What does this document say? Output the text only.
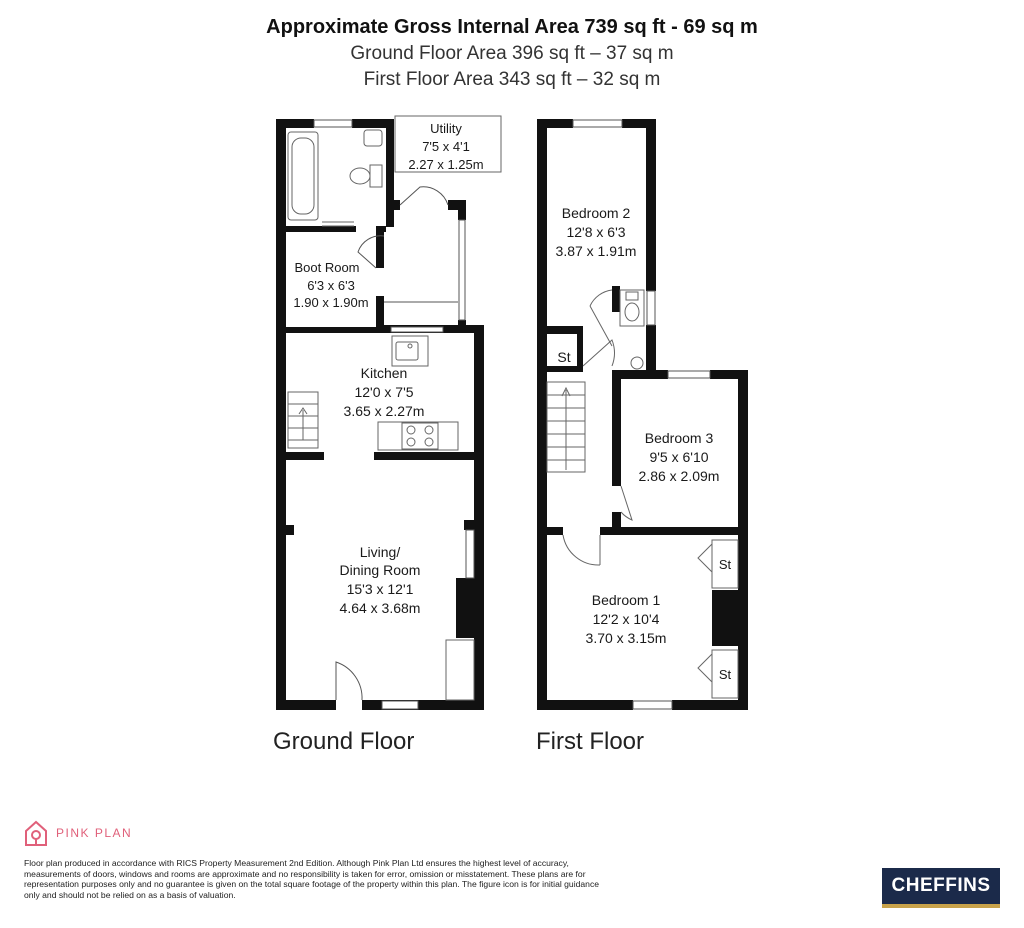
Approximate Gross Internal Area 739 sq ft - 69 sq m
Ground Floor Area 396 sq ft – 37 sq m
First Floor Area 343 sq ft – 32 sq m
Utility
7'5 x 4'1
2.27 x 1.25m
Boot Room
6'3 x 6'3
1.90 x 1.90m
Kitchen
12'0 x 7'5
3.65 x 2.27m
Living/
Dining Room
15'3 x 12'1
4.64 x 3.68m
Bedroom 2
12'8 x 6'3
3.87 x 1.91m
St
Bedroom 3
9'5 x 6'10
2.86 x 2.09m
St
St
Bedroom 1
12'2 x 10'4
3.70 x 3.15m
Ground Floor	First Floor
PINK PLAN
Floor plan produced in accordance with RICS Property Measurement 2nd Edition. Although Pink Plan Ltd ensures the highest level of accuracy, measurements of doors, windows and rooms are approximate and no responsibility is taken for error, omission or misstatement. These plans are for representation purposes only and no guarantee is given on the total square footage of the property within this plan. The figure icon is for initial guidance only and should not be relied on as a basis of valuation.	CHEFFINS
